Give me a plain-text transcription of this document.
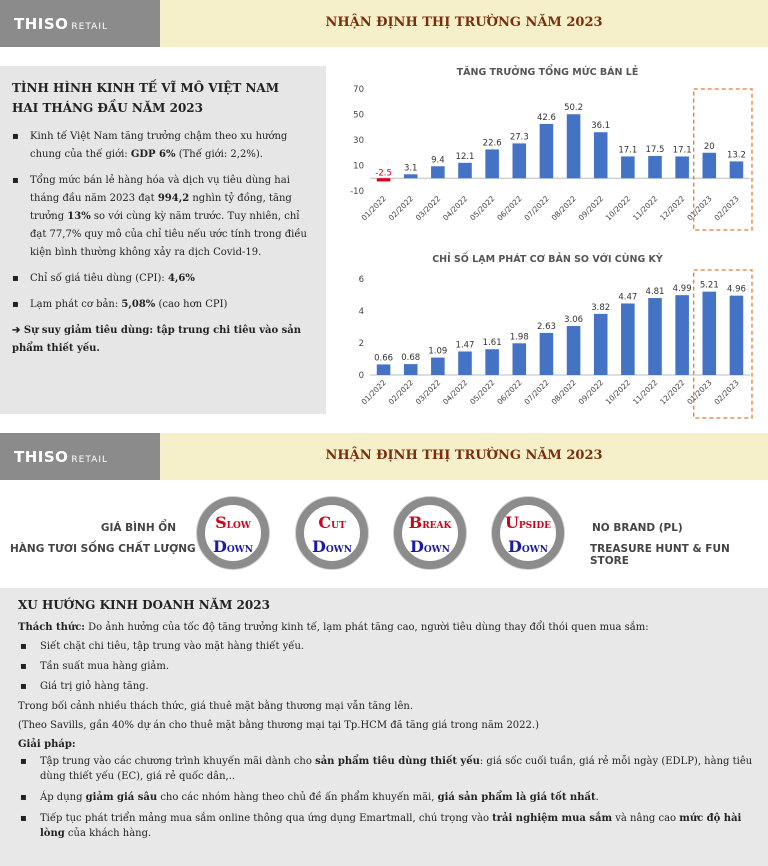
THISO RETAIL	NHẬN ĐỊNH THỊ TRƯỜNG NĂM 2023
TÌNH HÌNH KINH TẾ VĨ MÔ VIỆT NAM
HAI THÁNG ĐẦU NĂM 2023
▪ Kinh tế Việt Nam tăng trưởng chậm theo xu hướng chung của thế giới: GDP 6% (Thế giới: 2,2%).
▪ Tổng mức bán lẻ hàng hóa và dịch vụ tiêu dùng hai tháng đầu năm 2023 đạt 994,2 nghìn tỷ đồng, tăng trưởng 13% so với cùng kỳ năm trước. Tuy nhiên, chỉ đạt 77,7% quy mô của chỉ tiêu nếu ước tính trong điều kiện bình thường không xảy ra dịch Covid-19.
▪ Chỉ số giá tiêu dùng (CPI): 4,6%
▪ Lạm phát cơ bản: 5,08% (cao hơn CPI)
➔ Sự suy giảm tiêu dùng: tập trung chi tiêu vào sản phẩm thiết yếu.
TĂNG TRƯỞNG TỔNG MỨC BÁN LẺ
70
50
30
10
-10
-2.5
01/2022
3.1
02/2022
9.4
03/2022
12.1
04/2022
22.6
05/2022
27.3
06/2022
42.6
07/2022
50.2
08/2022
36.1
09/2022
17.1
10/2022
17.5
11/2022
17.1
12/2022
20
01/2023
13.2
02/2023
CHỈ SỐ LẠM PHÁT CƠ BẢN SO VỚI CÙNG KỲ
6
4
2
0
0.66
01/2022
0.68
02/2022
1.09
03/2022
1.47
04/2022
1.61
05/2022
1.98
06/2022
2.63
07/2022
3.06
08/2022
3.82
09/2022
4.47
10/2022
4.81
11/2022
4.99
12/2022
5.21
01/2023
4.96
02/2023
THISO RETAIL	NHẬN ĐỊNH THỊ TRƯỜNG NĂM 2023
GIÁ BÌNH ỔN
HÀNG TƯƠI SỐNG CHẤT LƯỢNG
SLOW
DOWN
CUT
DOWN
BREAK
DOWN
UPSIDE
DOWN
NO BRAND (PL)
TREASURE HUNT & FUN STORE
XU HƯỚNG KINH DOANH NĂM 2023
Thách thức: Do ảnh hưởng của tốc độ tăng trưởng kinh tế, lạm phát tăng cao, người tiêu dùng thay đổi thói quen mua sắm:
▪ Siết chặt chi tiêu, tập trung vào mặt hàng thiết yếu.
▪ Tần suất mua hàng giảm.
▪ Giá trị giỏ hàng tăng.
Trong bối cảnh nhiều thách thức, giá thuê mặt bằng thương mại vẫn tăng lên.
(Theo Savills, gần 40% dự án cho thuê mặt bằng thương mại tại Tp.HCM đã tăng giá trong năm 2022.)
Giải pháp:
▪ Tập trung vào các chương trình khuyến mãi dành cho sản phẩm tiêu dùng thiết yếu: giá sốc cuối tuần, giá rẻ mỗi ngày (EDLP), hàng tiêu dùng thiết yếu (EC), giá rẻ quốc dân,..
▪ Áp dụng giảm giá sâu cho các nhóm hàng theo chủ đề ấn phẩm khuyến mãi, giá sản phẩm là giá tốt nhất.
▪ Tiếp tục phát triển mảng mua sắm online thông qua ứng dụng Emartmall, chú trọng vào trải nghiệm mua sắm và nâng cao mức độ hài lòng của khách hàng.
